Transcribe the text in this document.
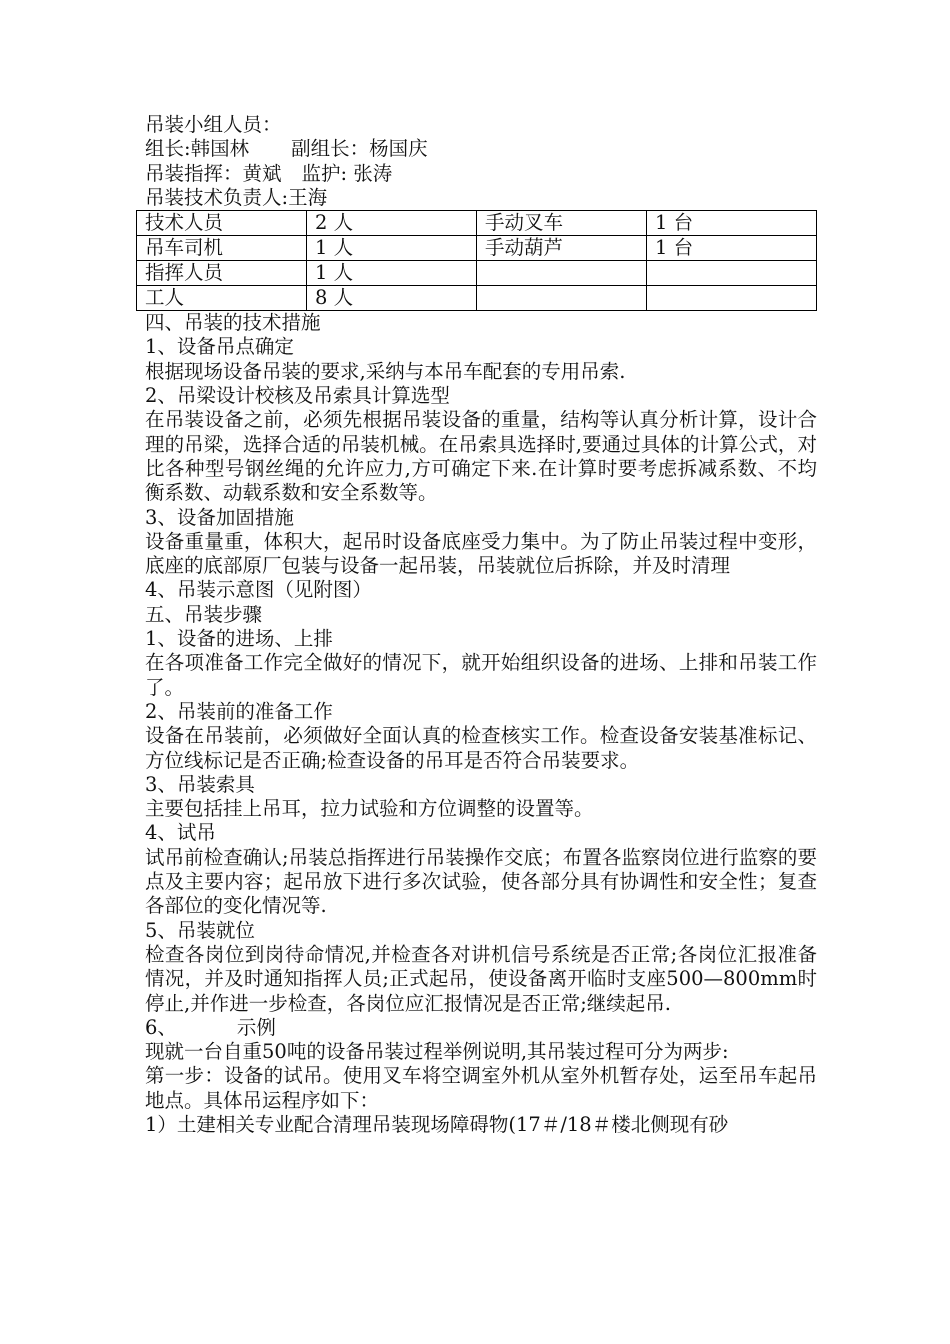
吊装小组人员：
组长:韩国林 副组长：杨国庆
吊装指挥：黄斌 监护: 张涛
吊装技术负责人:王海
技术人员	2 人	手动叉车	1 台
吊车司机	1 人	手动葫芦	1 台
指挥人员	1 人		
工人	8 人		
四、吊装的技术措施
1、设备吊点确定
根据现场设备吊装的要求,采纳与本吊车配套的专用吊索.
2、吊梁设计校核及吊索具计算选型
在吊装设备之前，必须先根据吊装设备的重量，结构等认真分析计算，设计合理的吊梁，选择合适的吊装机械。在吊索具选择时,要通过具体的计算公式，对比各种型号钢丝绳的允许应力,方可确定下来.在计算时要考虑拆减系数、不均衡系数、动载系数和安全系数等。
3、设备加固措施
设备重量重，体积大，起吊时设备底座受力集中。为了防止吊装过程中变形，底座的底部原厂包装与设备一起吊装，吊装就位后拆除，并及时清理
4、吊装示意图（见附图）
五、吊装步骤
1、设备的进场、上排
在各项准备工作完全做好的情况下，就开始组织设备的进场、上排和吊装工作了。
2、吊装前的准备工作
设备在吊装前，必须做好全面认真的检查核实工作。检查设备安装基准标记、方位线标记是否正确;检查设备的吊耳是否符合吊装要求。
3、吊装索具
主要包括挂上吊耳，拉力试验和方位调整的设置等。
4、试吊
试吊前检查确认;吊装总指挥进行吊装操作交底；布置各监察岗位进行监察的要点及主要内容；起吊放下进行多次试验，使各部分具有协调性和安全性；复查各部位的变化情况等.
5、吊装就位
检查各岗位到岗待命情况,并检查各对讲机信号系统是否正常;各岗位汇报准备情况，并及时通知指挥人员;正式起吊，使设备离开临时支座500—800mm时停止,并作进一步检查，各岗位应汇报情况是否正常;继续起吊.
6、	示例
现就一台自重50吨的设备吊装过程举例说明,其吊装过程可分为两步:
第一步：设备的试吊。使用叉车将空调室外机从室外机暂存处，运至吊车起吊地点。具体吊运程序如下：
1）土建相关专业配合清理吊装现场障碍物(17＃/18＃楼北侧现有砂
